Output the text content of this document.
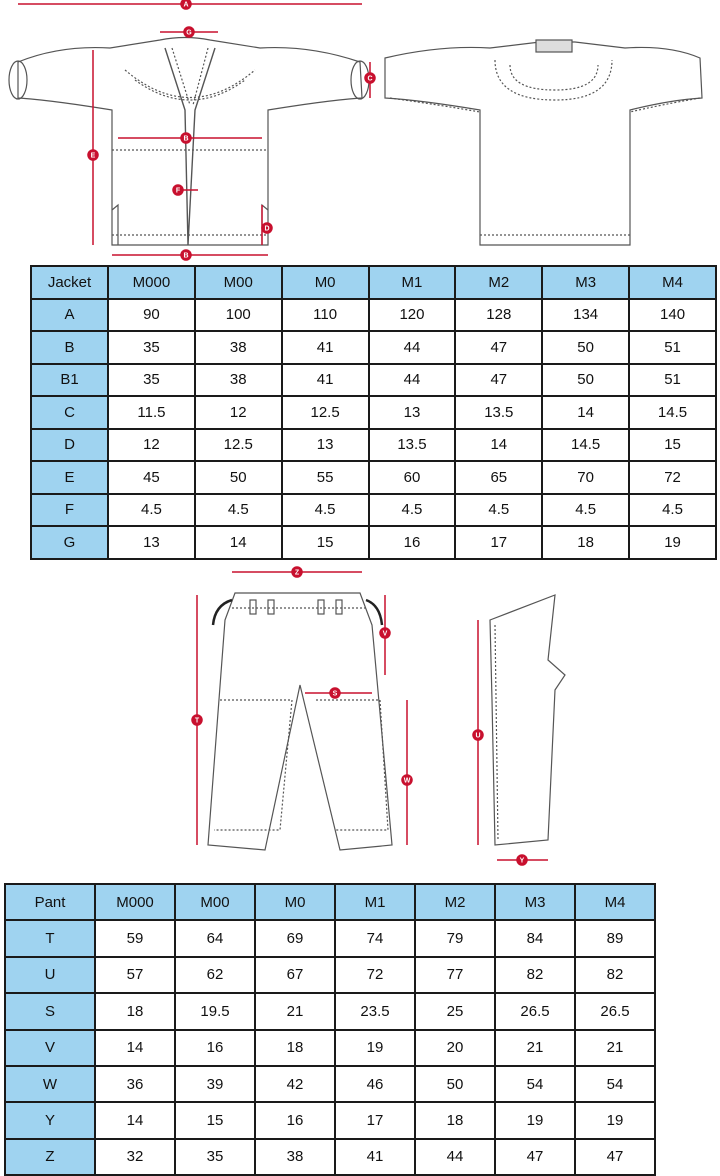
A
G
C
B
E
F
D
B
Jacket	M000	M00	M0	M1	M2	M3	M4
A	90	100	110	120	128	134	140
B	35	38	41	44	47	50	51
B1	35	38	41	44	47	50	51
C	11.5	12	12.5	13	13.5	14	14.5
D	12	12.5	13	13.5	14	14.5	15
E	45	50	55	60	65	70	72
F	4.5	4.5	4.5	4.5	4.5	4.5	4.5
G	13	14	15	16	17	18	19
Z
V
S
T
W
U
Y
Pant	M000	M00	M0	M1	M2	M3	M4
T	59	64	69	74	79	84	89
U	57	62	67	72	77	82	82
S	18	19.5	21	23.5	25	26.5	26.5
V	14	16	18	19	20	21	21
W	36	39	42	46	50	54	54
Y	14	15	16	17	18	19	19
Z	32	35	38	41	44	47	47
